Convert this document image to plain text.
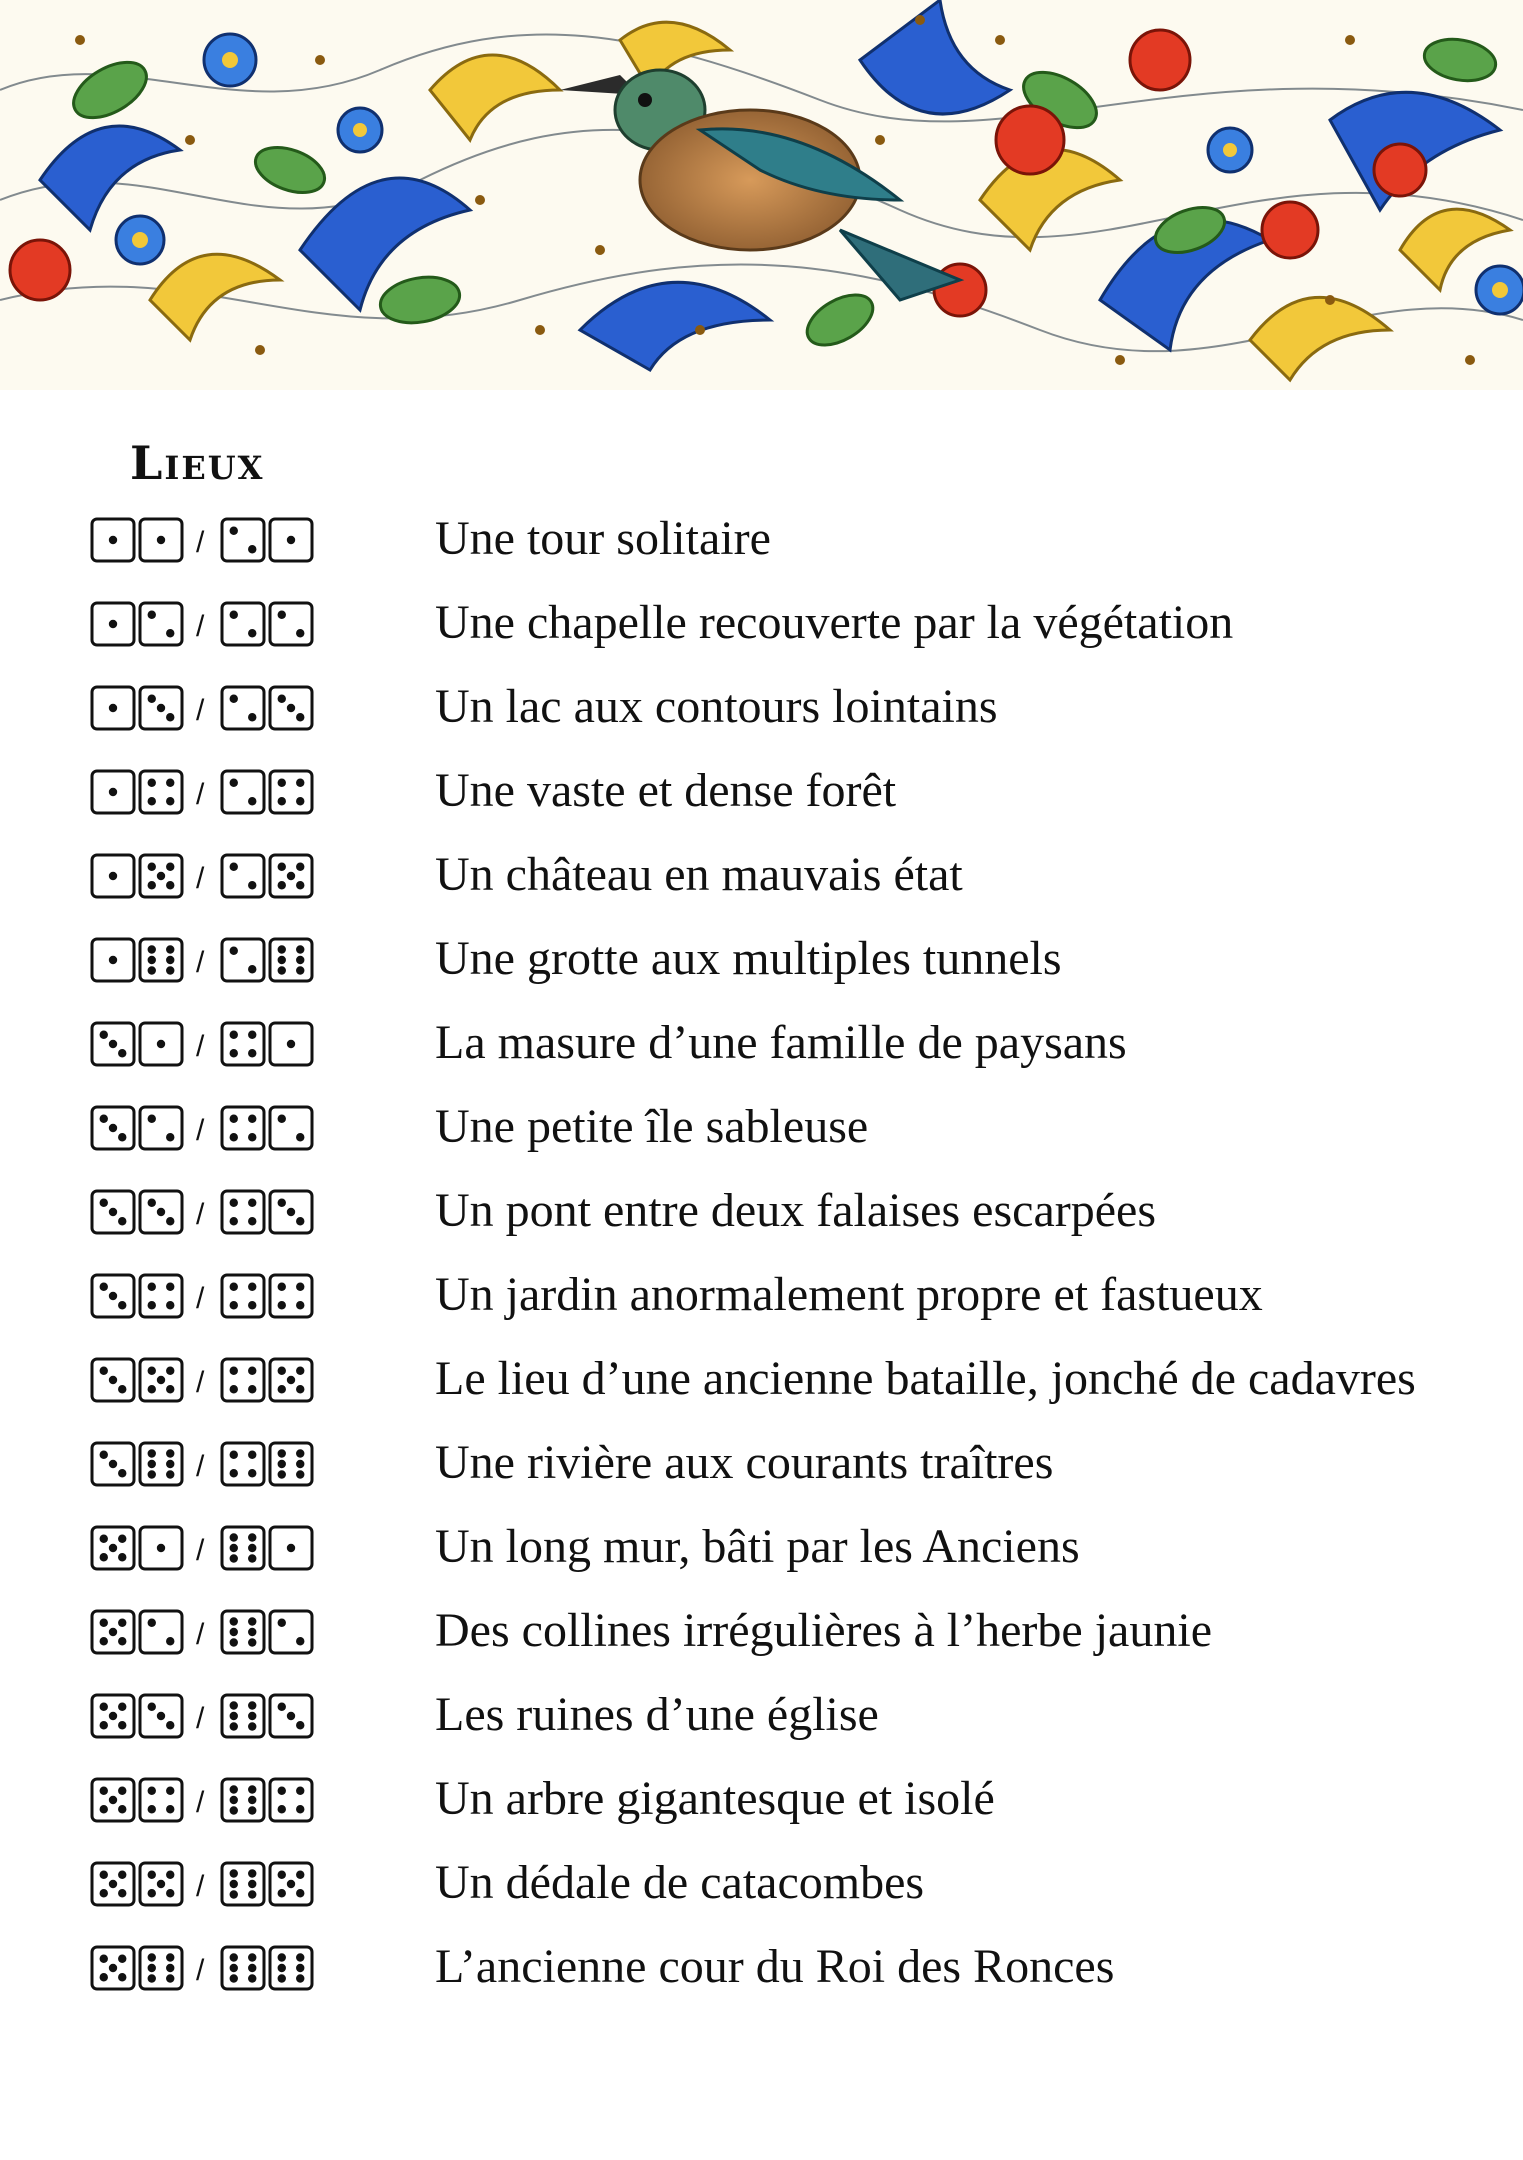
Lieux
/	Une tour solitaire
/	Une chapelle recouverte par la végétation
/	Un lac aux contours lointains
/	Une vaste et dense forêt
/	Un château en mauvais état
/	Une grotte aux multiples tunnels
/	La masure d’une famille de paysans
/	Une petite île sableuse
/	Un pont entre deux falaises escarpées
/	Un jardin anormalement propre et fastueux
/	Le lieu d’une ancienne bataille, jonché de cadavres
/	Une rivière aux courants traîtres
/	Un long mur, bâti par les Anciens
/	Des collines irrégulières à l’herbe jaunie
/	Les ruines d’une église
/	Un arbre gigantesque et isolé
/	Un dédale de catacombes
/	L’ancienne cour du Roi des Ronces
